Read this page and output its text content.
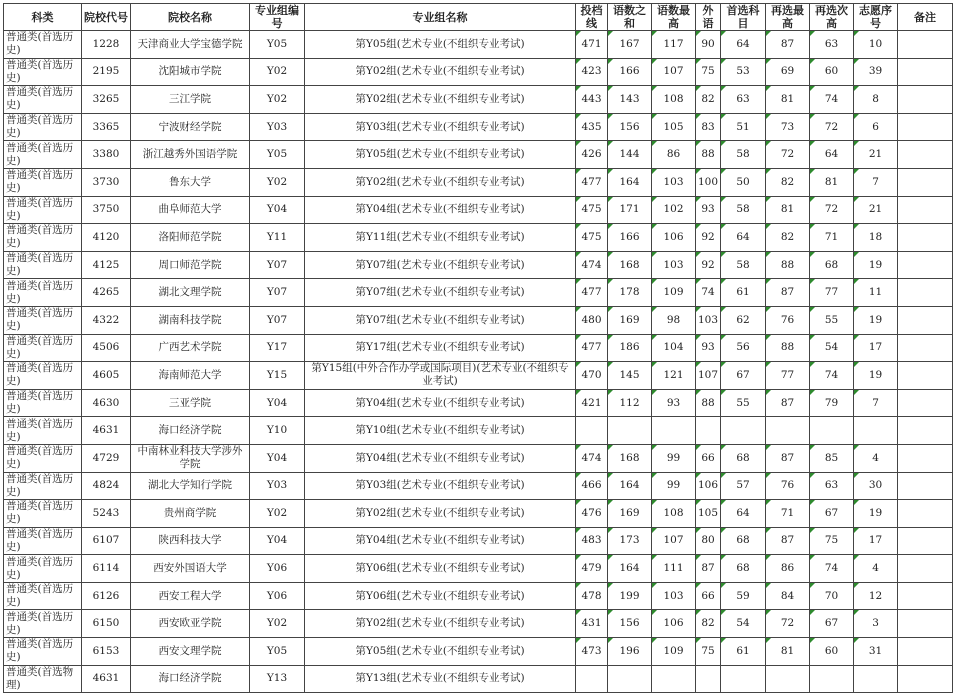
科类	院校代号	院校名称	专业组编号	专业组名称	投档线	语数之和	语数最高	外语	首选科目	再选最高	再选次高	志愿序号	备注
普通类(首选历史)	1228	天津商业大学宝德学院	Y05	第Y05组(艺术专业(不组织专业考试)	471	167	117	90	64	87	63	10	
普通类(首选历史)	2195	沈阳城市学院	Y02	第Y02组(艺术专业(不组织专业考试)	423	166	107	75	53	69	60	39	
普通类(首选历史)	3265	三江学院	Y02	第Y02组(艺术专业(不组织专业考试)	443	143	108	82	63	81	74	8	
普通类(首选历史)	3365	宁波财经学院	Y03	第Y03组(艺术专业(不组织专业考试)	435	156	105	83	51	73	72	6	
普通类(首选历史)	3380	浙江越秀外国语学院	Y05	第Y05组(艺术专业(不组织专业考试)	426	144	86	88	58	72	64	21	
普通类(首选历史)	3730	鲁东大学	Y02	第Y02组(艺术专业(不组织专业考试)	477	164	103	100	50	82	81	7	
普通类(首选历史)	3750	曲阜师范大学	Y04	第Y04组(艺术专业(不组织专业考试)	475	171	102	93	58	81	72	21	
普通类(首选历史)	4120	洛阳师范学院	Y11	第Y11组(艺术专业(不组织专业考试)	475	166	106	92	64	82	71	18	
普通类(首选历史)	4125	周口师范学院	Y07	第Y07组(艺术专业(不组织专业考试)	474	168	103	92	58	88	68	19	
普通类(首选历史)	4265	湖北文理学院	Y07	第Y07组(艺术专业(不组织专业考试)	477	178	109	74	61	87	77	11	
普通类(首选历史)	4322	湖南科技学院	Y07	第Y07组(艺术专业(不组织专业考试)	480	169	98	103	62	76	55	19	
普通类(首选历史)	4506	广西艺术学院	Y17	第Y17组(艺术专业(不组织专业考试)	477	186	104	93	56	88	54	17	
普通类(首选历史)	4605	海南师范大学	Y15	第Y15组(中外合作办学或国际项目)(艺术专业(不组织专业考试)	470	145	121	107	67	77	74	19	
普通类(首选历史)	4630	三亚学院	Y04	第Y04组(艺术专业(不组织专业考试)	421	112	93	88	55	87	79	7	
普通类(首选历史)	4631	海口经济学院	Y10	第Y10组(艺术专业(不组织专业考试)									
普通类(首选历史)	4729	中南林业科技大学涉外学院	Y04	第Y04组(艺术专业(不组织专业考试)	474	168	99	66	68	87	85	4	
普通类(首选历史)	4824	湖北大学知行学院	Y03	第Y03组(艺术专业(不组织专业考试)	466	164	99	106	57	76	63	30	
普通类(首选历史)	5243	贵州商学院	Y02	第Y02组(艺术专业(不组织专业考试)	476	169	108	105	64	71	67	19	
普通类(首选历史)	6107	陕西科技大学	Y04	第Y04组(艺术专业(不组织专业考试)	483	173	107	80	68	87	75	17	
普通类(首选历史)	6114	西安外国语大学	Y06	第Y06组(艺术专业(不组织专业考试)	479	164	111	87	68	86	74	4	
普通类(首选历史)	6126	西安工程大学	Y06	第Y06组(艺术专业(不组织专业考试)	478	199	103	66	59	84	70	12	
普通类(首选历史)	6150	西安欧亚学院	Y02	第Y02组(艺术专业(不组织专业考试)	431	156	106	82	54	72	67	3	
普通类(首选历史)	6153	西安文理学院	Y05	第Y05组(艺术专业(不组织专业考试)	473	196	109	75	61	81	60	31	
普通类(首选物理)	4631	海口经济学院	Y13	第Y13组(艺术专业(不组织专业考试)									
